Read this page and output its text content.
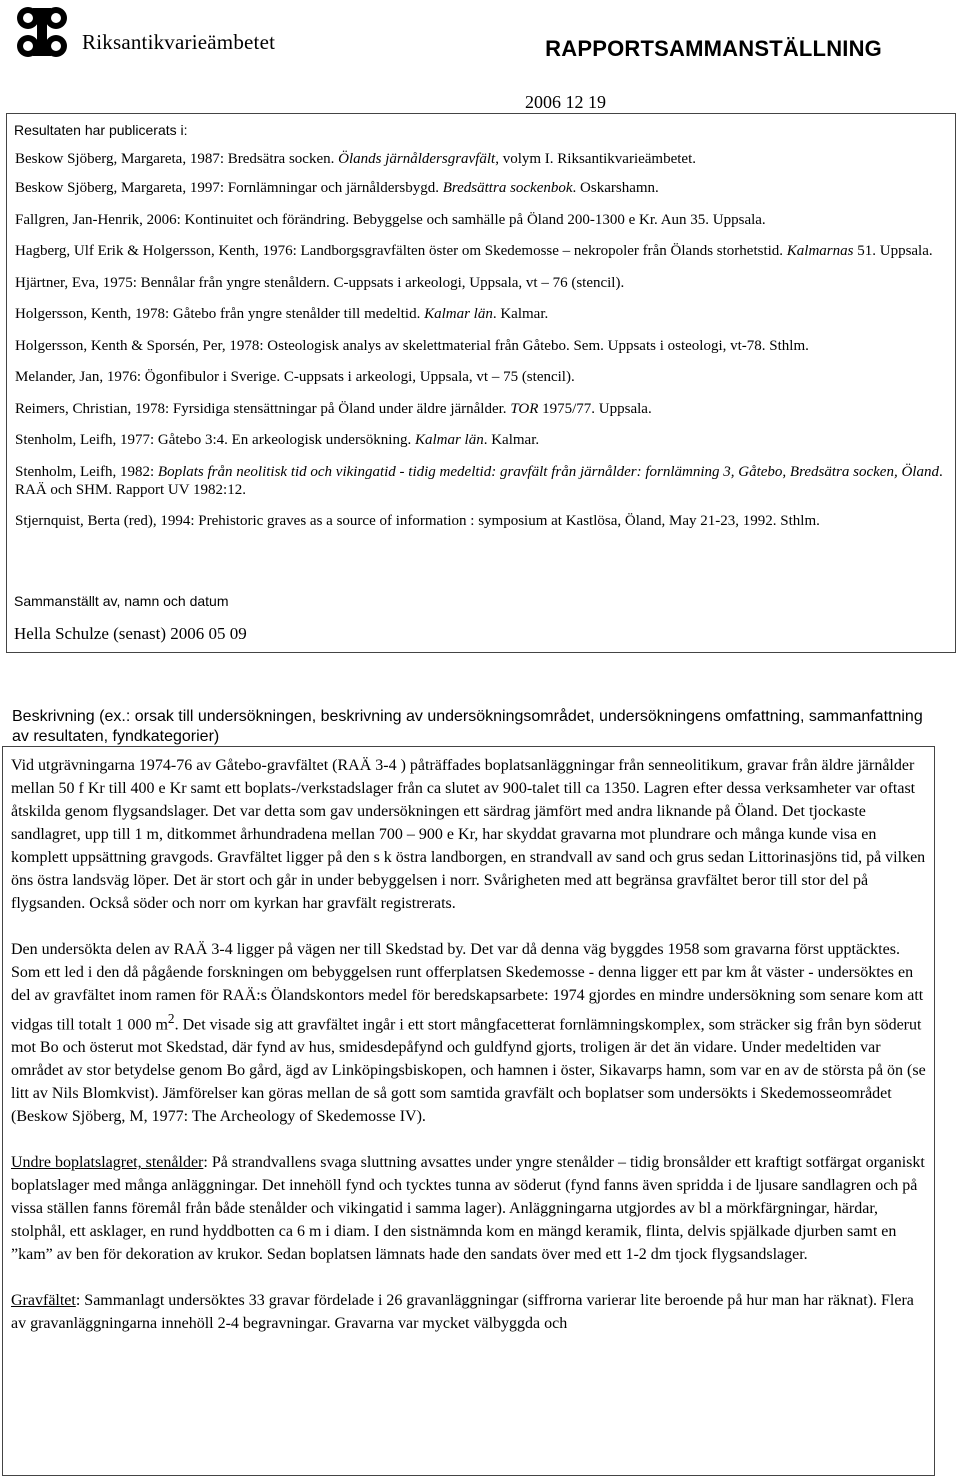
Riksantikvarieämbetet	RAPPORTSAMMANSTÄLLNING
2006 12 19
Resultaten har publicerats i:
Beskow Sjöberg, Margareta, 1987: Bredsätra socken. Ölands järnåldersgravfält, volym I. Riksantikvarieämbetet.
Beskow Sjöberg, Margareta, 1997: Fornlämningar och järnåldersbygd. Bredsättra sockenbok. Oskarshamn.
Fallgren, Jan-Henrik, 2006: Kontinuitet och förändring. Bebyggelse och samhälle på Öland 200-1300 e Kr. Aun 35. Uppsala.
Hagberg, Ulf Erik & Holgersson, Kenth, 1976: Landborgsgravfälten öster om Skedemosse – nekropoler från Ölands storhetstid. Kalmarnas 51. Uppsala.
Hjärtner, Eva, 1975: Bennålar från yngre stenåldern. C-uppsats i arkeologi, Uppsala, vt – 76 (stencil).
Holgersson, Kenth, 1978: Gåtebo från yngre stenålder till medeltid. Kalmar län. Kalmar.
Holgersson, Kenth & Sporsén, Per, 1978: Osteologisk analys av skelettmaterial från Gåtebo. Sem. Uppsats i osteologi, vt-78. Sthlm.
Melander, Jan, 1976: Ögonfibulor i Sverige. C-uppsats i arkeologi, Uppsala, vt – 75 (stencil).
Reimers, Christian, 1978: Fyrsidiga stensättningar på Öland under äldre järnålder. TOR 1975/77. Uppsala.
Stenholm, Leifh, 1977: Gåtebo 3:4. En arkeologisk undersökning. Kalmar län. Kalmar.
Stenholm, Leifh, 1982: Boplats från neolitisk tid och vikingatid - tidig medeltid: gravfält från järnålder: fornlämning 3, Gåtebo, Bredsätra socken, Öland. RAÄ och SHM. Rapport UV 1982:12.
Stjernquist, Berta (red), 1994: Prehistoric graves as a source of information : symposium at Kastlösa, Öland, May 21-23, 1992. Sthlm.
Sammanställt av, namn och datum
Hella Schulze (senast) 2006 05 09
Beskrivning (ex.: orsak till undersökningen, beskrivning av undersökningsområdet, undersökningens omfattning, sammanfattning av resultaten, fyndkategorier)

Vid utgrävningarna 1974-76 av Gåtebo-gravfältet (RAÄ 3-4 ) påträffades boplatsanläggningar från senneolitikum, gravar från äldre järnålder mellan 50 f Kr till 400 e Kr samt ett boplats-/verkstadslager från ca slutet av 900-talet till ca 1350. Lagren efter dessa verksamheter var oftast åtskilda genom flygsandslager. Det var detta som gav undersökningen ett särdrag jämfört med andra liknande på Öland. Det tjockaste sandlagret, upp till 1 m, ditkommet århundradena mellan 700 – 900 e Kr, har skyddat gravarna mot plundrare och många kunde visa en komplett uppsättning gravgods. Gravfältet ligger på den s k östra landborgen, en strandvall av sand och grus sedan Littorinasjöns tid, på vilken öns östra landsväg löper. Det är stort och går in under bebyggelsen i norr. Svårigheten med att begränsa gravfältet beror till stor del på flygsanden. Också söder och norr om kyrkan har gravfält registrerats.

Den undersökta delen av RAÄ 3-4 ligger på vägen ner till Skedstad by. Det var då denna väg byggdes 1958 som gravarna först upptäcktes. Som ett led i den då pågående forskningen om bebyggelsen runt offerplatsen Skedemosse - denna ligger ett par km åt väster - undersöktes en del av gravfältet inom ramen för RAÄ:s Ölandskontors medel för beredskapsarbete: 1974 gjordes en mindre undersökning som senare kom att vidgas till totalt 1 000 $m^2$. Det visade sig att gravfältet ingår i ett stort mångfacetterat fornlämningskomplex, som sträcker sig från byn söderut mot Bo och österut mot Skedstad, där fynd av hus, smidesdepåfynd och guldfynd gjorts, troligen är det än vidare. Under medeltiden var området av stor betydelse genom Bo gård, ägd av Linköpingsbiskopen, och hamnen i öster, Sikavarps hamn, som var en av de största på ön (se litt av Nils Blomkvist). Jämförelser kan göras mellan de så gott som samtida gravfält och boplatser som undersökts i Skedemosseområdet (Beskow Sjöberg, M, 1977: The Archeology of Skedemosse IV).

Undre boplatslagret, stenålder: På strandvallens svaga sluttning avsattes under yngre stenålder – tidig bronsålder ett kraftigt sotfärgat organiskt boplatslager med många anläggningar. Det innehöll fynd och tycktes tunna av söderut (fynd fanns även spridda i de ljusare sandlagren och på vissa ställen fanns föremål från både stenålder och vikingatid i samma lager). Anläggningarna utgjordes av bl a mörkfärgningar, härdar, stolphål, ett asklager, en rund hyddbotten ca 6 m i diam. I den sistnämnda kom en mängd keramik, flinta, delvis spjälkade djurben samt en ”kam” av ben för dekoration av krukor. Sedan boplatsen lämnats hade den sandats över med ett 1-2 dm tjock flygsandslager.

Gravfältet: Sammanlagt undersöktes 33 gravar fördelade i 26 gravanläggningar (siffrorna varierar lite beroende på hur man har räknat). Flera av gravanläggningarna innehöll 2-4 begravningar. Gravarna var mycket välbyggda och
